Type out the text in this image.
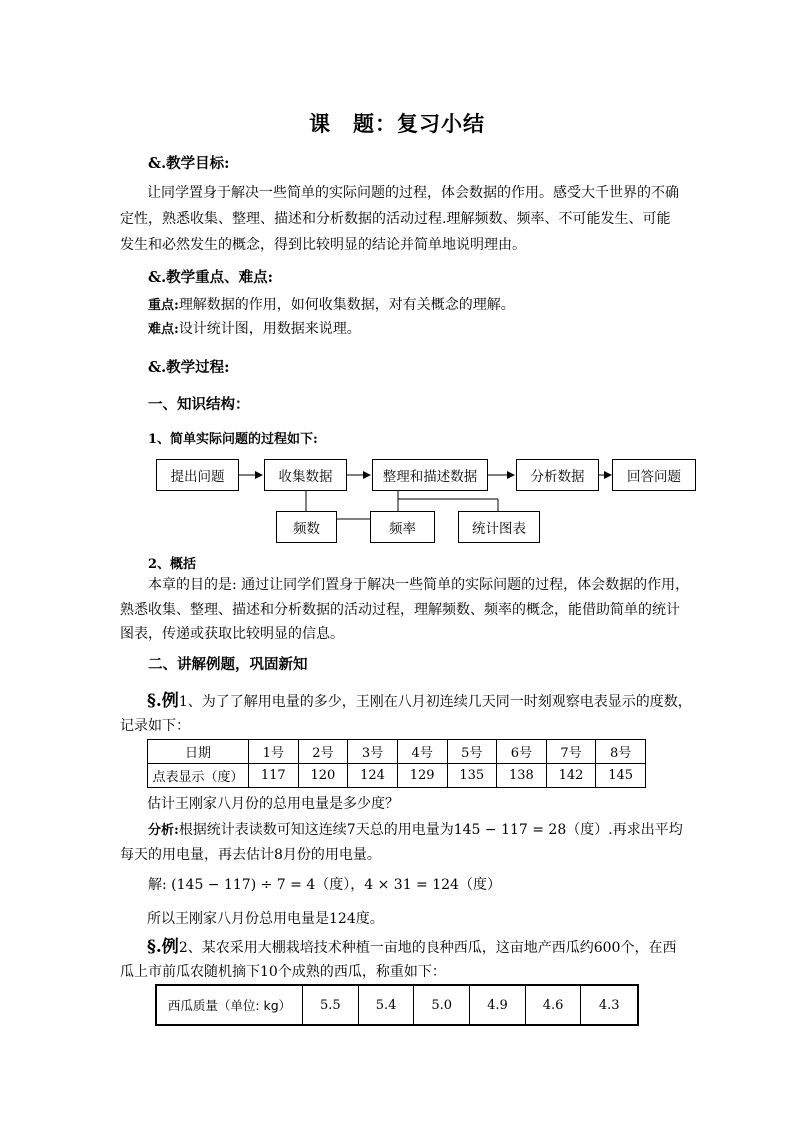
课　题：复习小结
&.教学目标:
让同学置身于解决一些简单的实际问题的过程，体会数据的作用。感受大千世界的不确
定性，熟悉收集、整理、描述和分析数据的活动过程.理解频数、频率、不可能发生、可能
发生和必然发生的概念，得到比较明显的结论并简单地说明理由。
&.教学重点、难点:
重点:理解数据的作用，如何收集数据，对有关概念的理解。
难点:设计统计图，用数据来说理。
&.教学过程:
一、知识结构：
1、简单实际问题的过程如下:
提出问题	收集数据	整理和描述数据	分析数据	回答问题
频数	频率	统计图表
2、概括
本章的目的是: 通过让同学们置身于解决一些简单的实际问题的过程，体会数据的作用，
熟悉收集、整理、描述和分析数据的活动过程，理解频数、频率的概念，能借助简单的统计
图表，传递或获取比较明显的信息。
二、讲解例题，巩固新知
§.例1、为了了解用电量的多少，王刚在八月初连续几天同一时刻观察电表显示的度数，
记录如下：
日期	1号	2号	3号	4号	5号	6号	7号	8号
点表显示（度）	117	120	124	129	135	138	142	145
估计王刚家八月份的总用电量是多少度？
分析:根据统计表读数可知这连续7天总的用电量为145 − 117 = 28（度）.再求出平均
每天的用电量，再去估计8月份的用电量。
解: (145 − 117) ÷ 7 = 4（度），4 × 31 = 124（度）
所以王刚家八月份总用电量是124度。
§.例2、某农采用大棚栽培技术种植一亩地的良种西瓜，这亩地产西瓜约600个，在西
瓜上市前瓜农随机摘下10个成熟的西瓜，称重如下：
西瓜质量（单位: kg）	5.5	5.4	5.0	4.9	4.6	4.3
